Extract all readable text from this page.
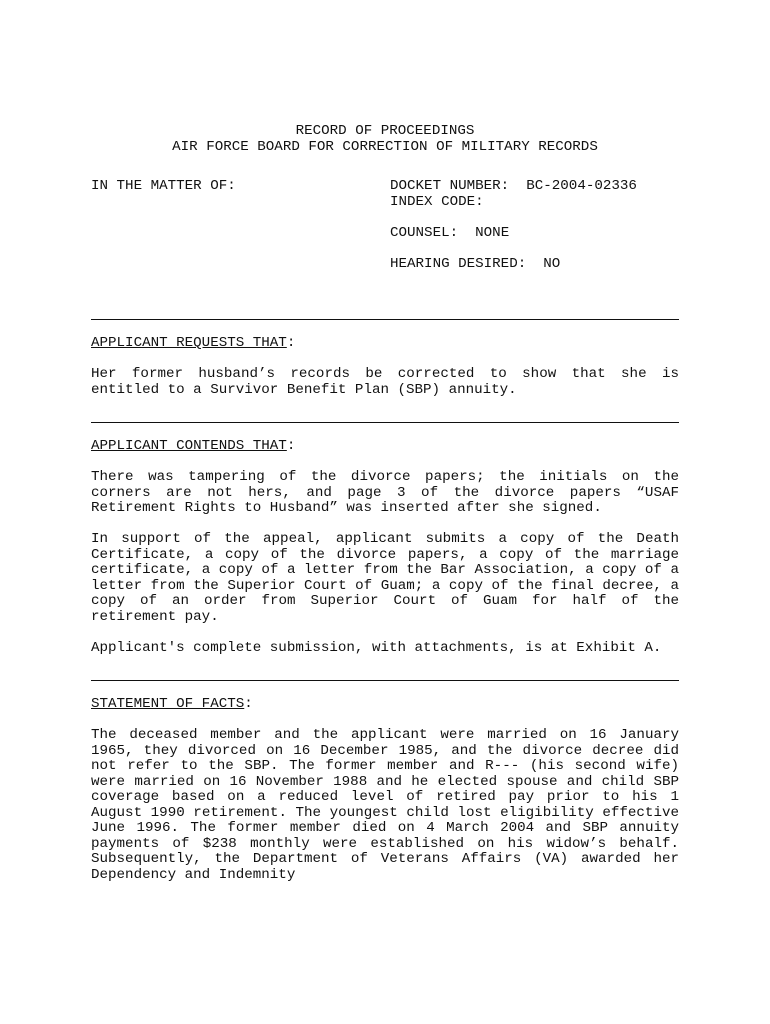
RECORD OF PROCEEDINGS
AIR FORCE BOARD FOR CORRECTION OF MILITARY RECORDS
IN THE MATTER OF:	DOCKET NUMBER: BC-2004-02336
INDEX CODE:
COUNSEL: NONE
HEARING DESIRED: NO
APPLICANT REQUESTS THAT:

Her former husband’s records be corrected to show that she is entitled to a Survivor Benefit Plan (SBP) annuity.

APPLICANT CONTENDS THAT:

There was tampering of the divorce papers; the initials on the corners are not hers, and page 3 of the divorce papers “USAF Retirement Rights to Husband” was inserted after she signed.

In support of the appeal, applicant submits a copy of the Death Certificate, a copy of the divorce papers, a copy of the marriage certificate, a copy of a letter from the Bar Association, a copy of a letter from the Superior Court of Guam; a copy of the final decree, a copy of an order from Superior Court of Guam for half of the retirement pay.

Applicant's complete submission, with attachments, is at Exhibit A.

STATEMENT OF FACTS:

The deceased member and the applicant were married on 16 January 1965, they divorced on 16 December 1985, and the divorce decree did not refer to the SBP. The former member and R--- (his second wife) were married on 16 November 1988 and he elected spouse and child SBP coverage based on a reduced level of retired pay prior to his 1 August 1990 retirement. The youngest child lost eligibility effective June 1996. The former member died on 4 March 2004 and SBP annuity payments of $238 monthly were established on his widow’s behalf. Subsequently, the Department of Veterans Affairs (VA) awarded her Dependency and Indemnity
